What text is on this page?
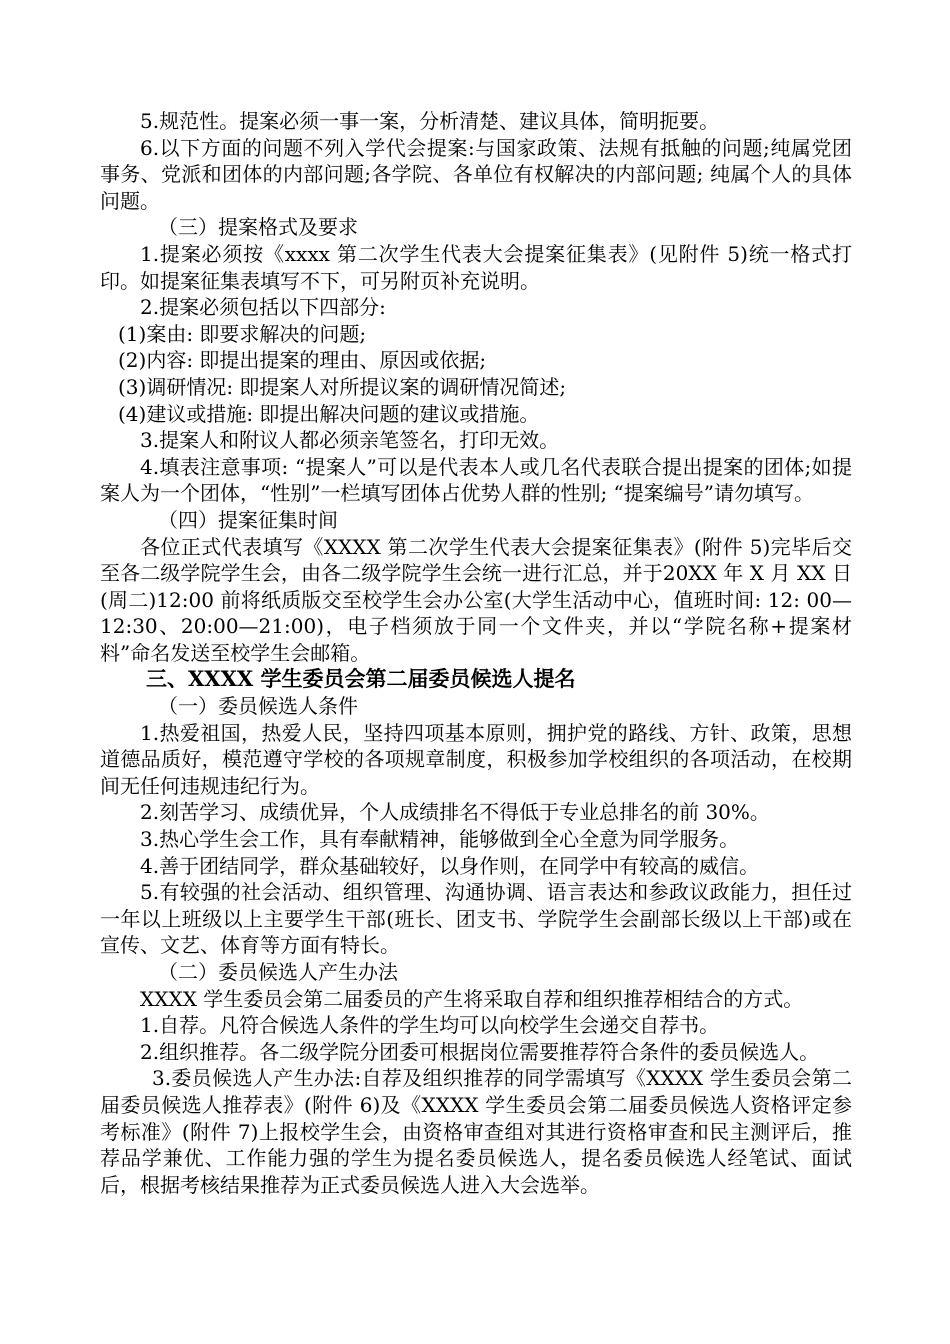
5.规范性。提案必须一事一案，分析清楚、建议具体，简明扼要。

6.以下方面的问题不列入学代会提案:与国家政策、法规有抵触的问题;纯属党团事务、党派和团体的内部问题;各学院、各单位有权解决的内部问题; 纯属个人的具体问题。

（三）提案格式及要求

1.提案必须按《xxxx 第二次学生代表大会提案征集表》(见附件 5)统一格式打印。如提案征集表填写不下，可另附页补充说明。

2.提案必须包括以下四部分:

(1)案由: 即要求解决的问题;

(2)内容: 即提出提案的理由、原因或依据;

(3)调研情况: 即提案人对所提议案的调研情况简述;

(4)建议或措施: 即提出解决问题的建议或措施。

3.提案人和附议人都必须亲笔签名，打印无效。

4.填表注意事项: “提案人”可以是代表本人或几名代表联合提出提案的团体;如提案人为一个团体，“性别”一栏填写团体占优势人群的性别; “提案编号”请勿填写。

（四）提案征集时间

各位正式代表填写《XXXX 第二次学生代表大会提案征集表》(附件 5)完毕后交至各二级学院学生会，由各二级学院学生会统一进行汇总，并于20XX 年 X 月 XX 日(周二)12:00 前将纸质版交至校学生会办公室(大学生活动中心，值班时间: 12: 00—12:30、20:00—21:00)，电子档须放于同一个文件夹，并以“学院名称+提案材料”命名发送至校学生会邮箱。

三、XXXX 学生委员会第二届委员候选人提名

（一）委员候选人条件

1.热爱祖国，热爱人民，坚持四项基本原则，拥护党的路线、方针、政策，思想道德品质好，模范遵守学校的各项规章制度，积极参加学校组织的各项活动，在校期间无任何违规违纪行为。

2.刻苦学习、成绩优异，个人成绩排名不得低于专业总排名的前 30%。

3.热心学生会工作，具有奉献精神，能够做到全心全意为同学服务。

4.善于团结同学，群众基础较好，以身作则，在同学中有较高的威信。

5.有较强的社会活动、组织管理、沟通协调、语言表达和参政议政能力，担任过一年以上班级以上主要学生干部(班长、团支书、学院学生会副部长级以上干部)或在宣传、文艺、体育等方面有特长。

（二）委员候选人产生办法

XXXX 学生委员会第二届委员的产生将采取自荐和组织推荐相结合的方式。

1.自荐。凡符合候选人条件的学生均可以向校学生会递交自荐书。

2.组织推荐。各二级学院分团委可根据岗位需要推荐符合条件的委员候选人。

3.委员候选人产生办法:自荐及组织推荐的同学需填写《XXXX 学生委员会第二届委员候选人推荐表》(附件 6)及《XXXX 学生委员会第二届委员候选人资格评定参考标准》(附件 7)上报校学生会，由资格审查组对其进行资格审查和民主测评后，推荐品学兼优、工作能力强的学生为提名委员候选人，提名委员候选人经笔试、面试后，根据考核结果推荐为正式委员候选人进入大会选举。
